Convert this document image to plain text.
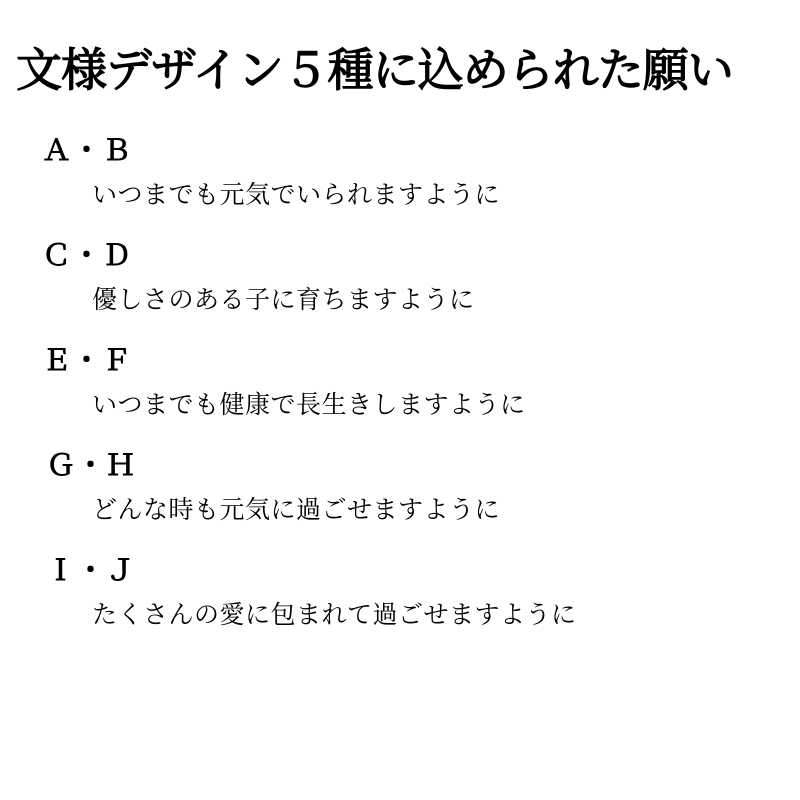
文様デザイン５種に込められた願い
Ａ・Ｂ
いつまでも元気でいられますように
Ｃ・Ｄ
優しさのある子に育ちますように
Ｅ・Ｆ
いつまでも健康で長生きしますように
Ｇ・Ｈ
どんな時も元気に過ごせますように
Ｉ・Ｊ
たくさんの愛に包まれて過ごせますように
